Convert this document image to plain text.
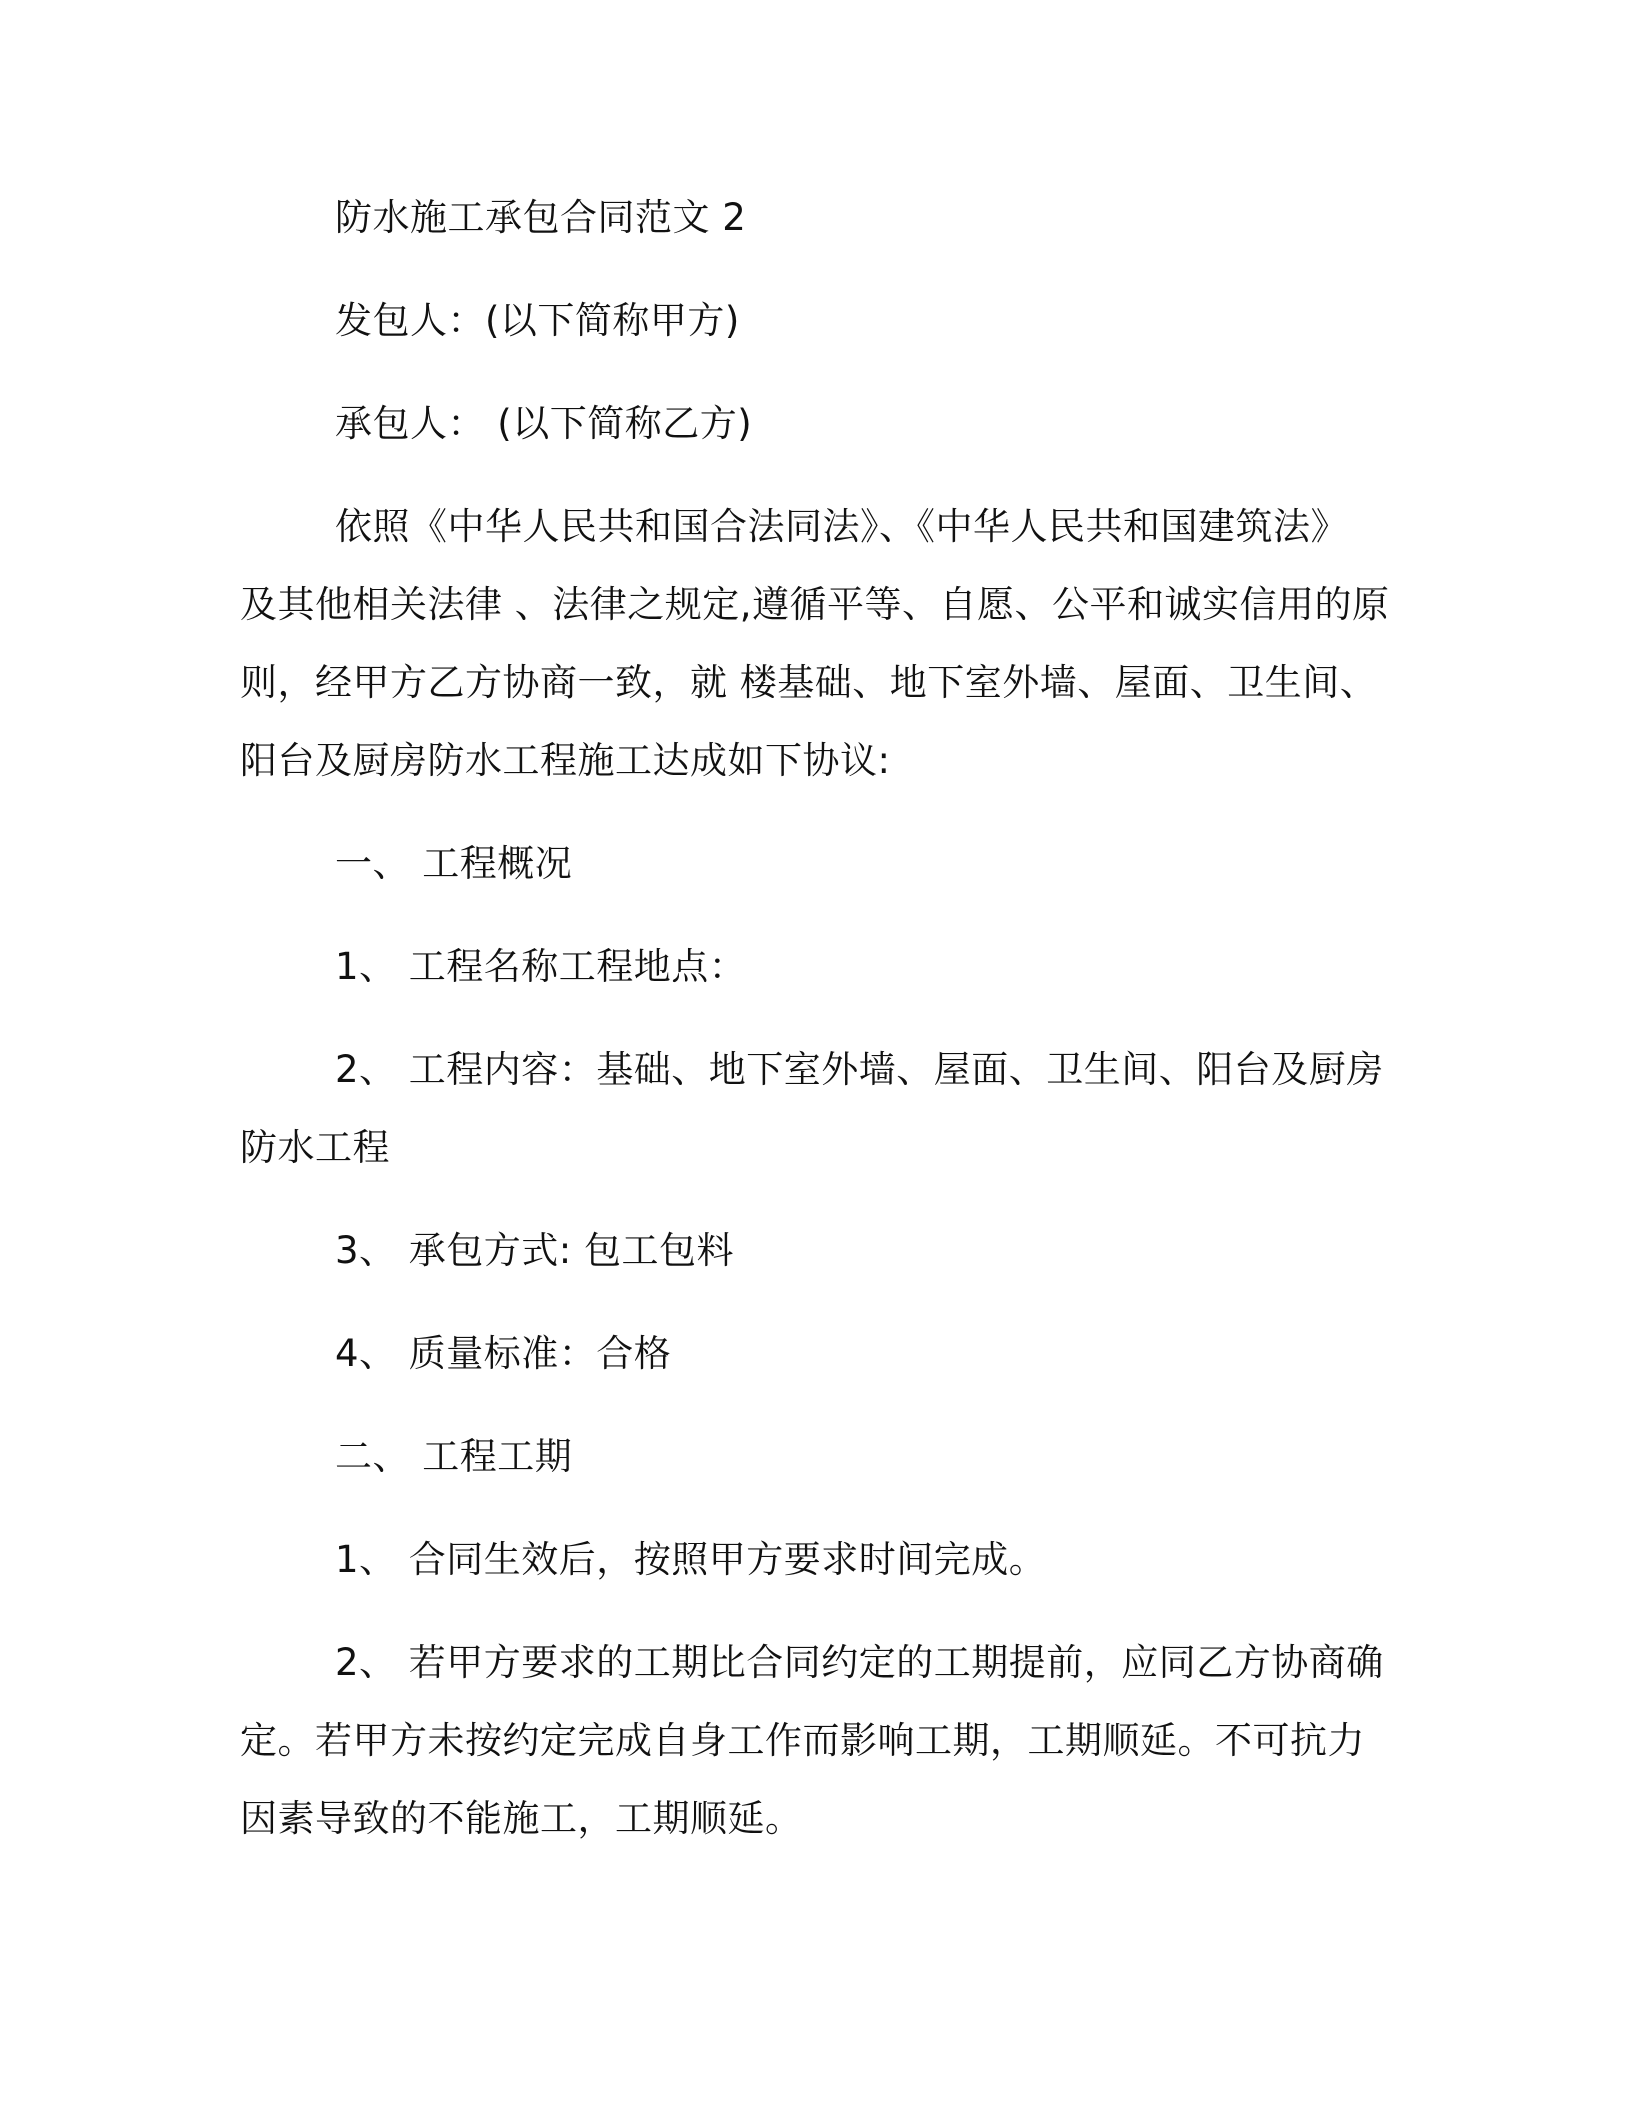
防水施工承包合同范文 2
发包人：(以下简称甲方)
承包人： (以下简称乙方)
依照《中华人民共和国合法同法》、《中华人民共和国建筑法》
及其他相关法律 、法律之规定,遵循平等、自愿、公平和诚实信用的原
则，经甲方乙方协商一致，就 楼基础、地下室外墙、屋面、卫生间、
阳台及厨房防水工程施工达成如下协议:
一、 工程概况
1、 工程名称工程地点：
2、 工程内容：基础、地下室外墙、屋面、卫生间、阳台及厨房
防水工程
3、 承包方式: 包工包料
4、 质量标准：合格
二、 工程工期
1、 合同生效后，按照甲方要求时间完成。
2、 若甲方要求的工期比合同约定的工期提前，应同乙方协商确
定。若甲方未按约定完成自身工作而影响工期，工期顺延。不可抗力
因素导致的不能施工，工期顺延。
